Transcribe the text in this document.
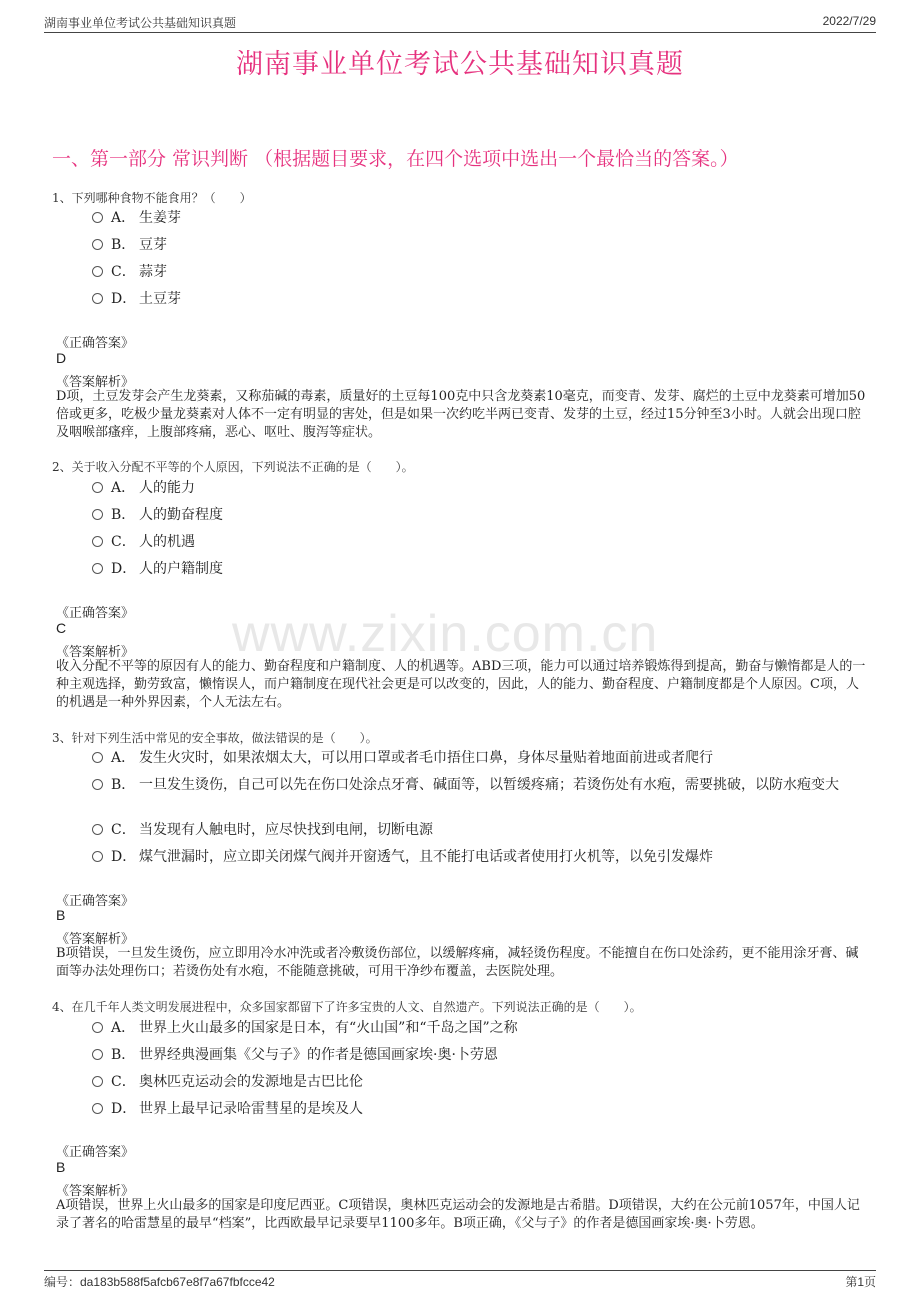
湖南事业单位考试公共基础知识真题	2022/7/29
湖南事业单位考试公共基础知识真题
一、第一部分 常识判断 （根据题目要求，在四个选项中选出一个最恰当的答案。）
www.zixin.com.cn
1、下列哪种食物不能食用？（　　）
A． 生姜芽
B． 豆芽
C． 蒜芽
D． 土豆芽
《正确答案》
D
《答案解析》
D项，土豆发芽会产生龙葵素，又称茄碱的毒素，质量好的土豆每100克中只含龙葵素10毫克，而变青、发芽、腐烂的土豆中龙葵素可增加50倍或更多，吃极少量龙葵素对人体不一定有明显的害处，但是如果一次约吃半两已变青、发芽的土豆，经过15分钟至3小时。人就会出现口腔及咽喉部瘙痒，上腹部疼痛，恶心、呕吐、腹泻等症状。
2、关于收入分配不平等的个人原因，下列说法不正确的是（　　）。
A． 人的能力
B． 人的勤奋程度
C． 人的机遇
D． 人的户籍制度
《正确答案》
C
《答案解析》
收入分配不平等的原因有人的能力、勤奋程度和户籍制度、人的机遇等。ABD三项，能力可以通过培养锻炼得到提高，勤奋与懒惰都是人的一种主观选择，勤劳致富，懒惰误人，而户籍制度在现代社会更是可以改变的，因此，人的能力、勤奋程度、户籍制度都是个人原因。C项，人的机遇是一种外界因素，个人无法左右。
3、针对下列生活中常见的安全事故，做法错误的是（　　）。
A． 发生火灾时，如果浓烟太大，可以用口罩或者毛巾捂住口鼻，身体尽量贴着地面前进或者爬行
B． 一旦发生烫伤，自己可以先在伤口处涂点牙膏、碱面等，以暂缓疼痛；若烫伤处有水疱，需要挑破，以防水疱变大
C． 当发现有人触电时，应尽快找到电闸，切断电源
D． 煤气泄漏时，应立即关闭煤气阀并开窗透气，且不能打电话或者使用打火机等，以免引发爆炸
《正确答案》
B
《答案解析》
B项错误，一旦发生烫伤，应立即用冷水冲洗或者冷敷烫伤部位，以缓解疼痛，减轻烫伤程度。不能擅自在伤口处涂药，更不能用涂牙膏、碱面等办法处理伤口；若烫伤处有水疱，不能随意挑破，可用干净纱布覆盖，去医院处理。
4、在几千年人类文明发展进程中，众多国家都留下了许多宝贵的人文、自然遗产。下列说法正确的是（　　）。
A． 世界上火山最多的国家是日本，有“火山国”和“千岛之国”之称
B． 世界经典漫画集《父与子》的作者是德国画家埃·奥·卜劳恩
C． 奥林匹克运动会的发源地是古巴比伦
D． 世界上最早记录哈雷彗星的是埃及人
《正确答案》
B
《答案解析》
A项错误，世界上火山最多的国家是印度尼西亚。C项错误，奥林匹克运动会的发源地是古希腊。D项错误，大约在公元前1057年，中国人记录了著名的哈雷慧星的最早“档案”，比西欧最早记录要早1100多年。B项正确，《父与子》的作者是德国画家埃·奥·卜劳恩。
编号：da183b588f5afcb67e8f7a67fbfcce42	第1页
